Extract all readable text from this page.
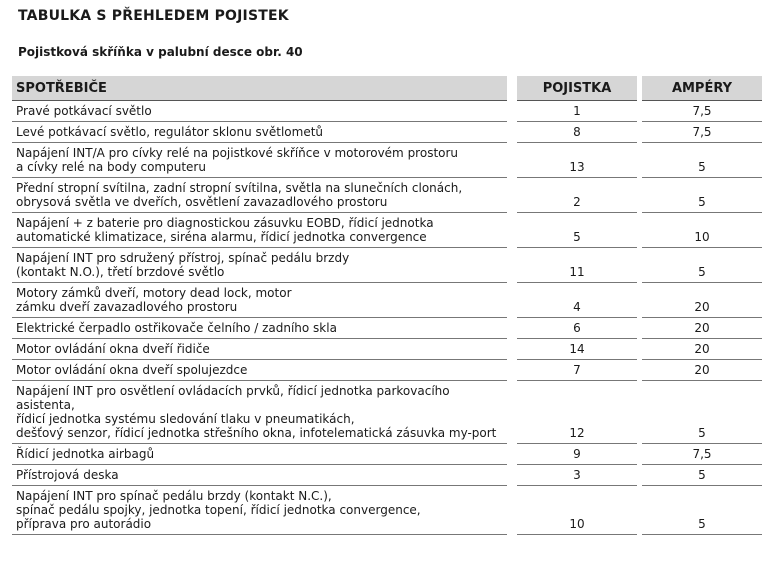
TABULKA S PŘEHLEDEM POJISTEK
Pojistková skříňka v palubní desce obr. 40
SPOTŘEBIČE		POJISTKA		AMPÉRY

Pravé potkávací světlo		1		7,5

Levé potkávací světlo, regulátor sklonu světlometů		8		7,5

Napájení INT/A pro cívky relé na pojistkové skříňce v motorovém prostoru
a cívky relé na body computeru		13		5

Přední stropní svítilna, zadní stropní svítilna, světla na slunečních clonách,
obrysová světla ve dveřích, osvětlení zavazadlového prostoru		2		5

Napájení + z baterie pro diagnostickou zásuvku EOBD, řídicí jednotka
automatické klimatizace, siréna alarmu, řídicí jednotka convergence		5		10

Napájení INT pro sdružený přístroj, spínač pedálu brzdy
(kontakt N.O.), třetí brzdové světlo		11		5

Motory zámků dveří, motory dead lock, motor
zámku dveří zavazadlového prostoru		4		20

Elektrické čerpadlo ostřikovače čelního / zadního skla		6		20

Motor ovládání okna dveří řidiče		14		20

Motor ovládání okna dveří spolujezdce		7		20

Napájení INT pro osvětlení ovládacích prvků, řídicí jednotka parkovacího asistenta,
řídicí jednotka systému sledování tlaku v pneumatikách,
dešťový senzor, řídicí jednotka střešního okna, infotelematická zásuvka my-port		12		5

Řídicí jednotka airbagů		9		7,5

Přístrojová deska		3		5

Napájení INT pro spínač pedálu brzdy (kontakt N.C.),
spínač pedálu spojky, jednotka topení, řídicí jednotka convergence,
příprava pro autorádio		10		5
